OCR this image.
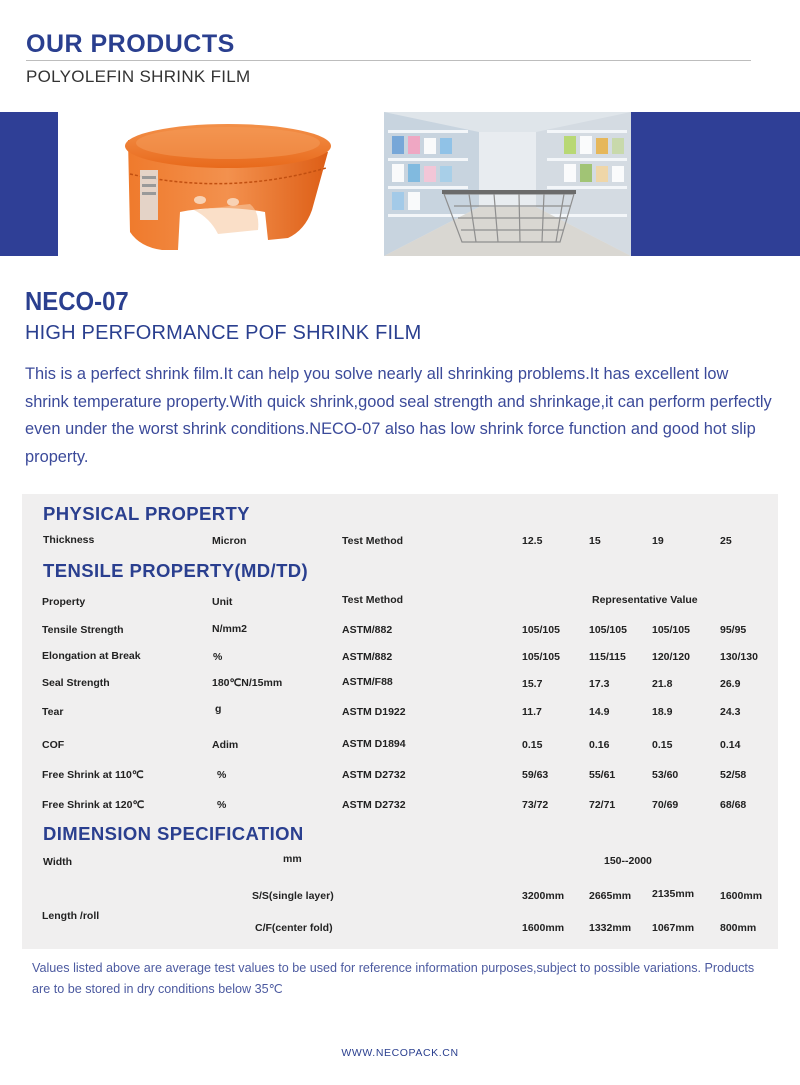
OUR PRODUCTS
POLYOLEFIN SHRINK FILM
NECO-07
HIGH PERFORMANCE POF SHRINK FILM
This is a perfect shrink film.It can help you solve nearly all shrinking problems.It has excellent low shrink temperature property.With quick shrink,good seal strength and shrinkage,it can perform perfectly even under the worst shrink conditions.NECO-07 also has low shrink force function and good hot slip property.
PHYSICAL PROPERTY
Thickness	Micron	Test Method	12.5	15	19	25
TENSILE PROPERTY(MD/TD)
Property	Unit	Test Method	Representative Value
Tensile Strength	N/mm2	ASTM/882	105/105	105/105 105/105	95/95
Elongation at Break	%	ASTM/882	105/105	115/115 120/120	130/130
Seal Strength	180℃N/15mm	ASTM/F88	15.7	17.3	21.8	26.9
Tear	g	ASTM D1922	11.7	14.9	18.9	24.3
COF	Adim	ASTM D1894	0.15	0.16	0.15	0.14
Free Shrink at 110℃	%	ASTM D2732	59/63	55/61	53/60	52/58
Free Shrink at 120℃	%	ASTM D2732	73/72	72/71	70/69	68/68
DIMENSION SPECIFICATION
Width	mm	150--2000
Length /roll
S/S(single layer)	3200mm 2665mm 2135mm 1600mm
C/F(center fold)	1600mm 1332mm 1067mm 800mm
Values listed above are average test values to be used for reference information purposes,subject to possible variations. Products are to be stored in dry conditions below 35℃
WWW.NECOPACK.CN
